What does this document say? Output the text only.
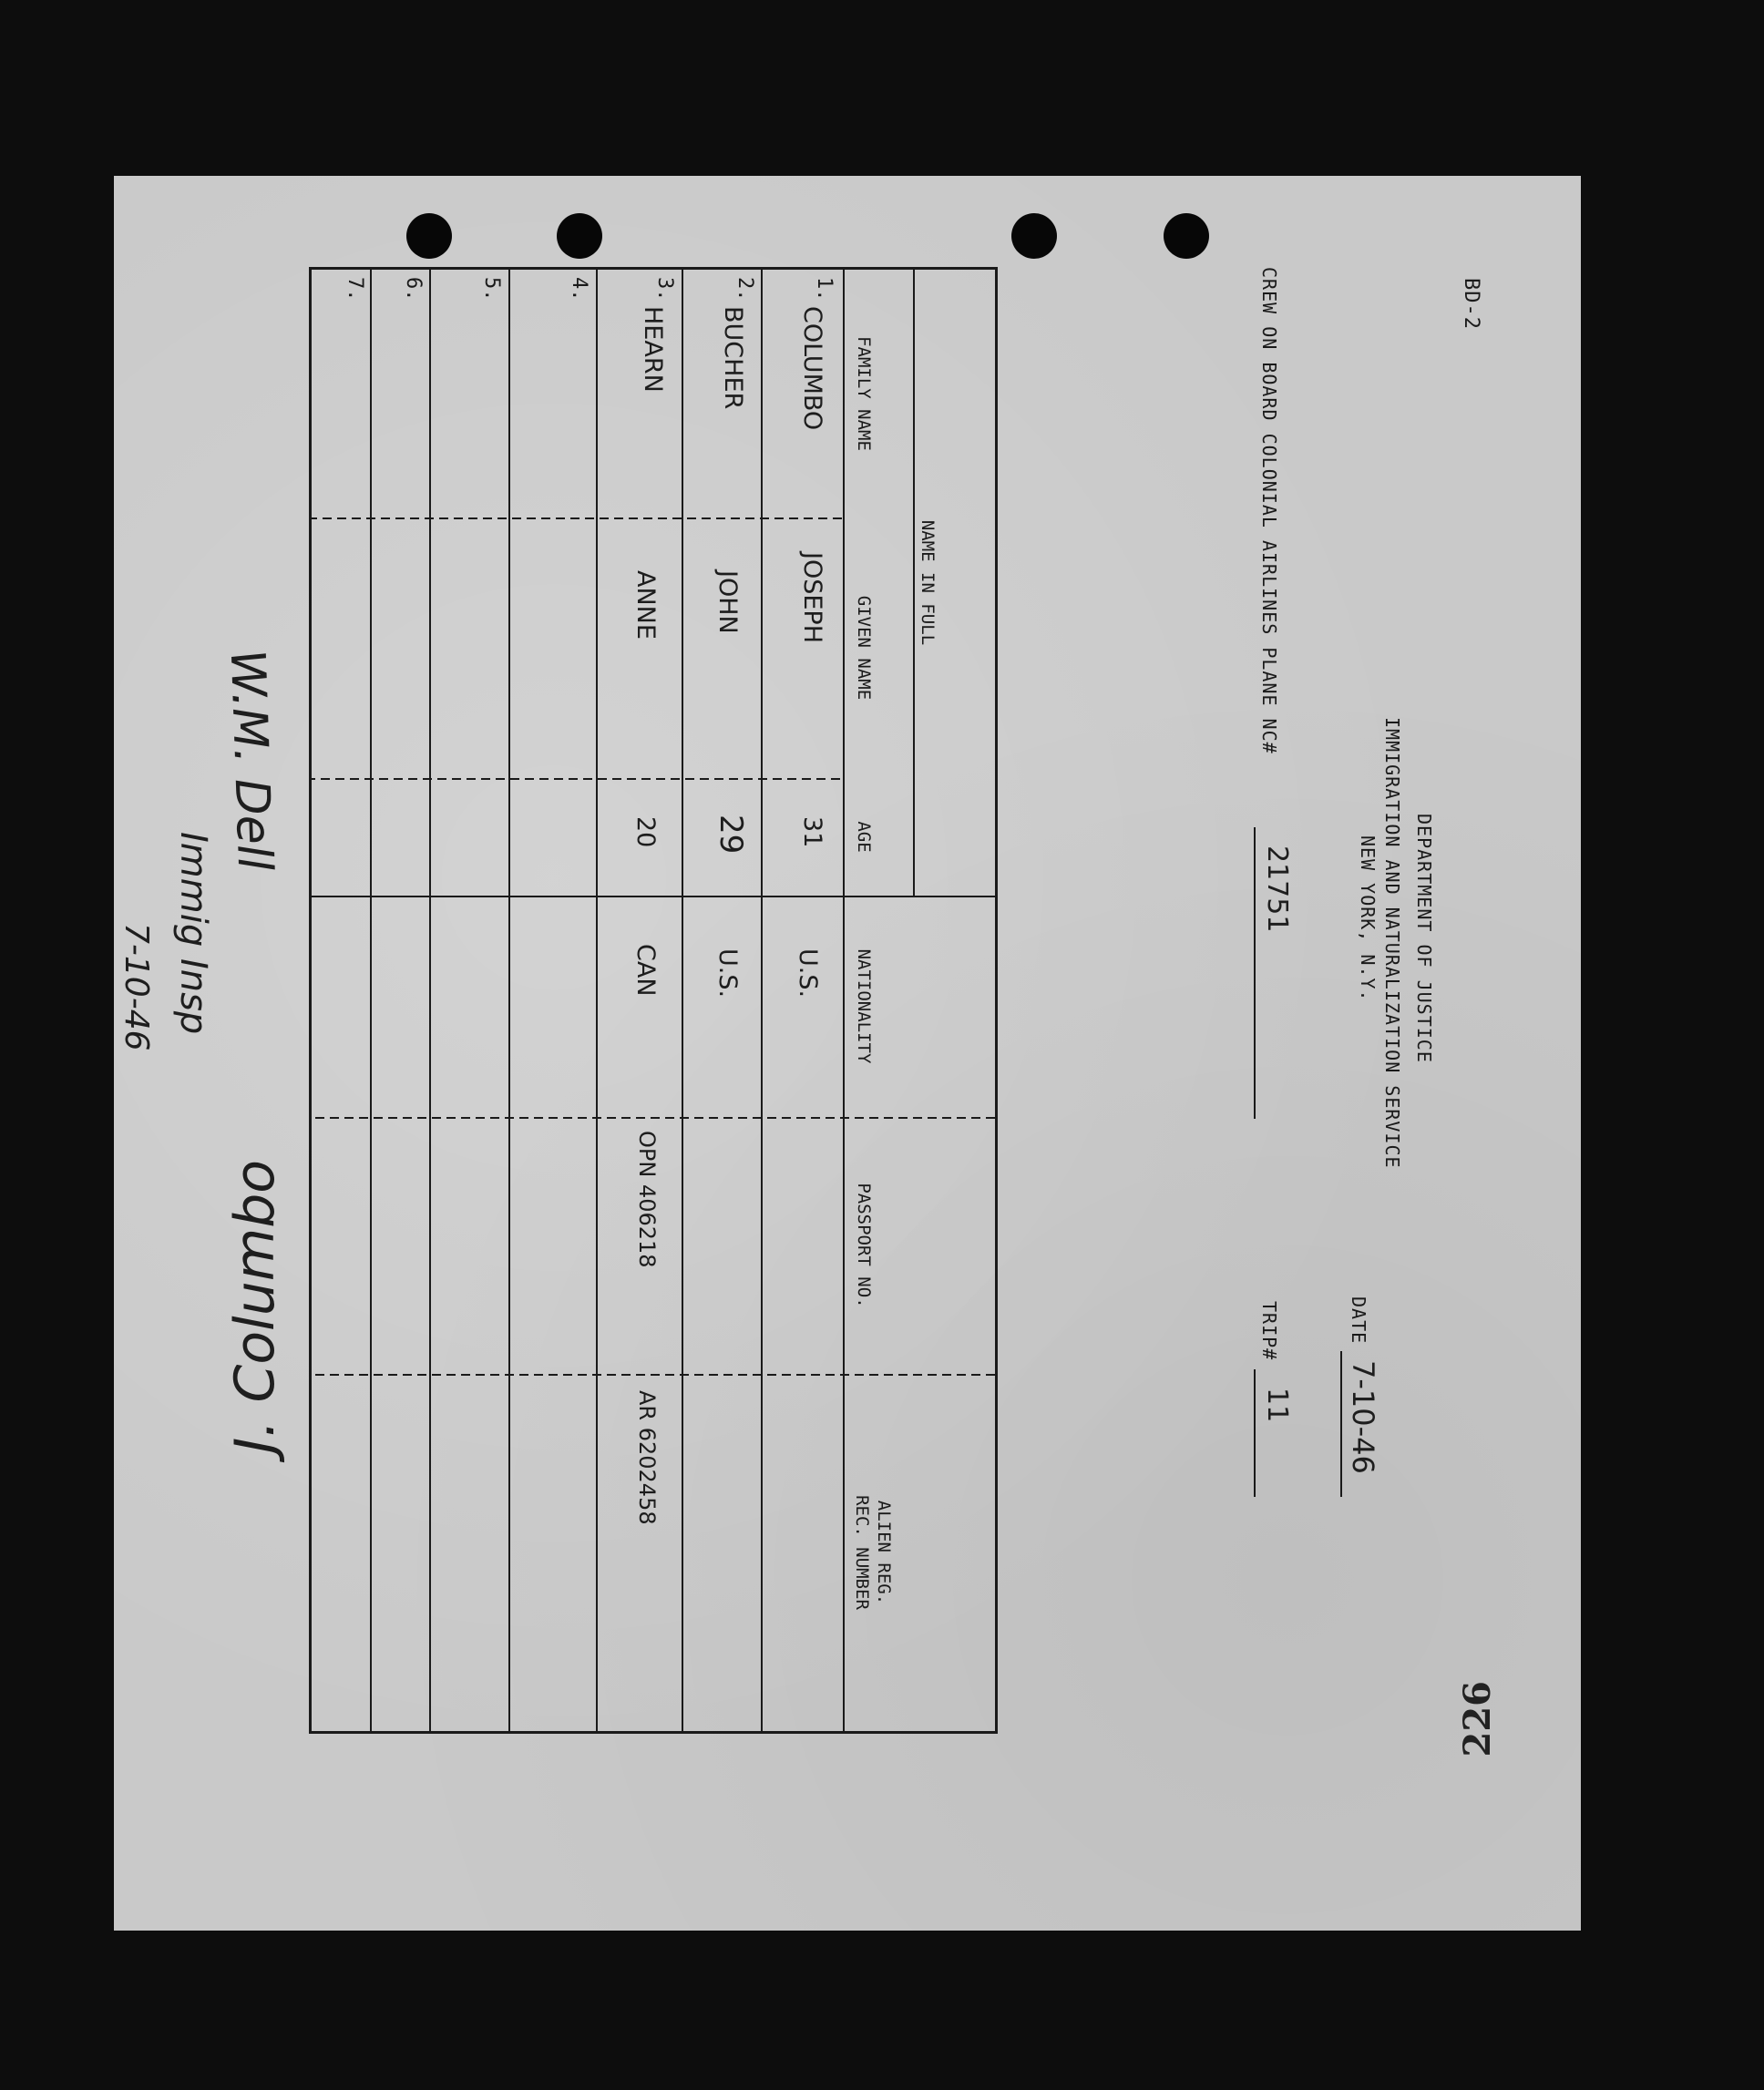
BD-2
DEPARTMENT OF JUSTICE
IMMIGRATION AND NATURALIZATION SERVICE
NEW YORK, N.Y.
DATE
7-10-46
CREW ON BOARD COLONIAL AIRLINES PLANE NC#
21751
TRIP#
11
226
NAME IN FULL
FAMILY NAME
GIVEN NAME
AGE
NATIONALITY
PASSPORT NO.
ALIEN REG.
REC. NUMBER
1.
2.
3.
4.
5.
6.
7.
COLUMBO
JOSEPH
31
U.S.
BUCHER
JOHN
29
U.S.
HEARN
ANNE
20
CAN
OPN 406218
AR 6202458
W.M. Dell
Immig Insp
7-10-46
J. Columbo
